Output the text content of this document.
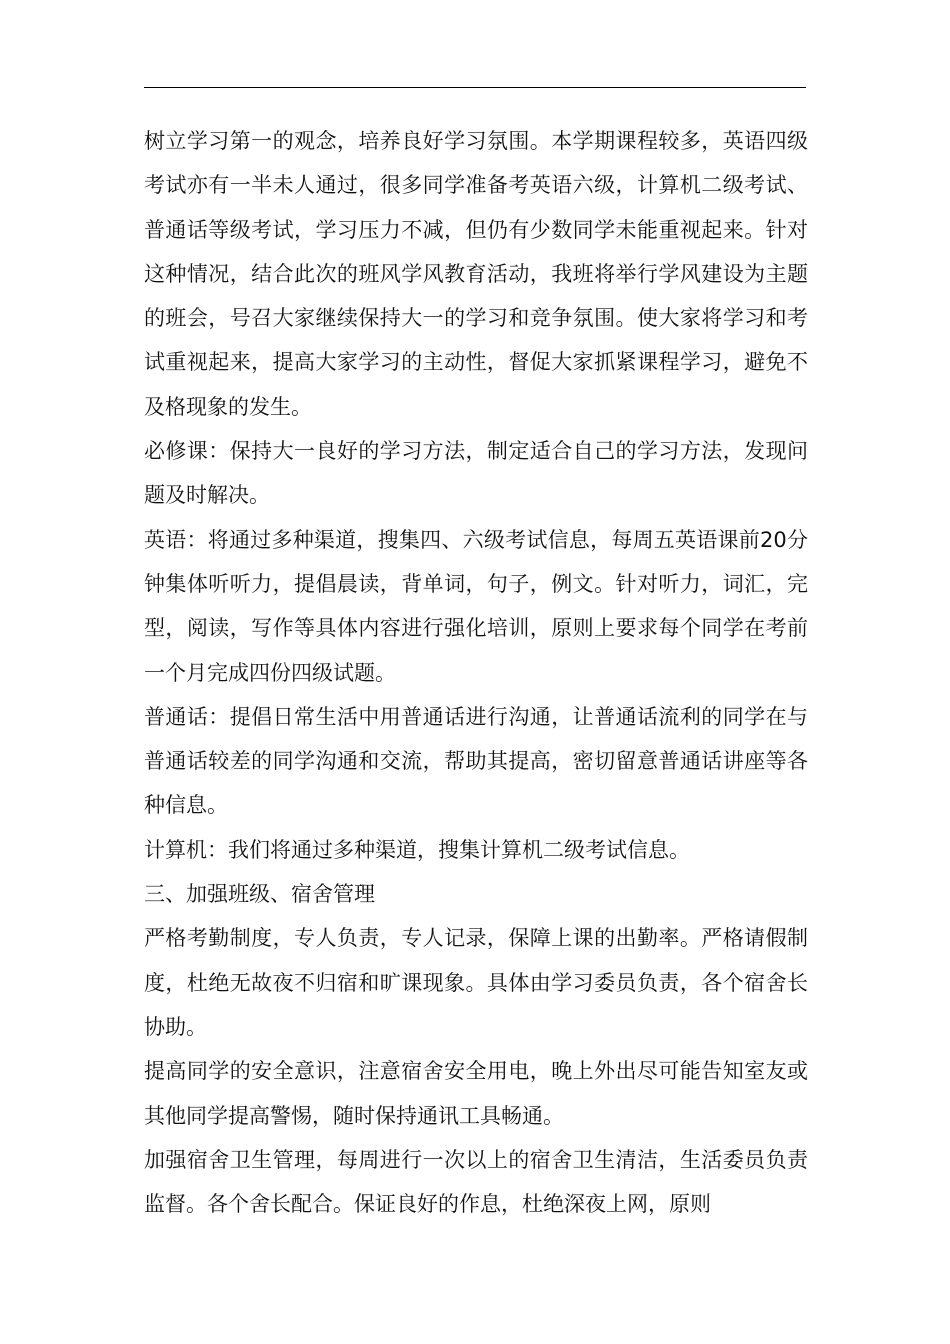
树立学习第一的观念，培养良好学习氛围。本学期课程较多，英语四级考试亦有一半未人通过，很多同学准备考英语六级，计算机二级考试、普通话等级考试，学习压力不减，但仍有少数同学未能重视起来。针对这种情况，结合此次的班风学风教育活动，我班将举行学风建设为主题的班会，号召大家继续保持大一的学习和竞争氛围。使大家将学习和考试重视起来，提高大家学习的主动性，督促大家抓紧课程学习，避免不及格现象的发生。

必修课：保持大一良好的学习方法，制定适合自己的学习方法，发现问题及时解决。

英语：将通过多种渠道，搜集四、六级考试信息，每周五英语课前20分钟集体听听力，提倡晨读，背单词，句子，例文。针对听力，词汇，完型，阅读，写作等具体内容进行强化培训，原则上要求每个同学在考前一个月完成四份四级试题。

普通话：提倡日常生活中用普通话进行沟通，让普通话流利的同学在与普通话较差的同学沟通和交流，帮助其提高，密切留意普通话讲座等各种信息。

计算机：我们将通过多种渠道，搜集计算机二级考试信息。

三、加强班级、宿舍管理

严格考勤制度，专人负责，专人记录，保障上课的出勤率。严格请假制度，杜绝无故夜不归宿和旷课现象。具体由学习委员负责，各个宿舍长协助。

提高同学的安全意识，注意宿舍安全用电，晚上外出尽可能告知室友或其他同学提高警惕，随时保持通讯工具畅通。

加强宿舍卫生管理，每周进行一次以上的宿舍卫生清洁，生活委员负责监督。各个舍长配合。保证良好的作息，杜绝深夜上网，原则
